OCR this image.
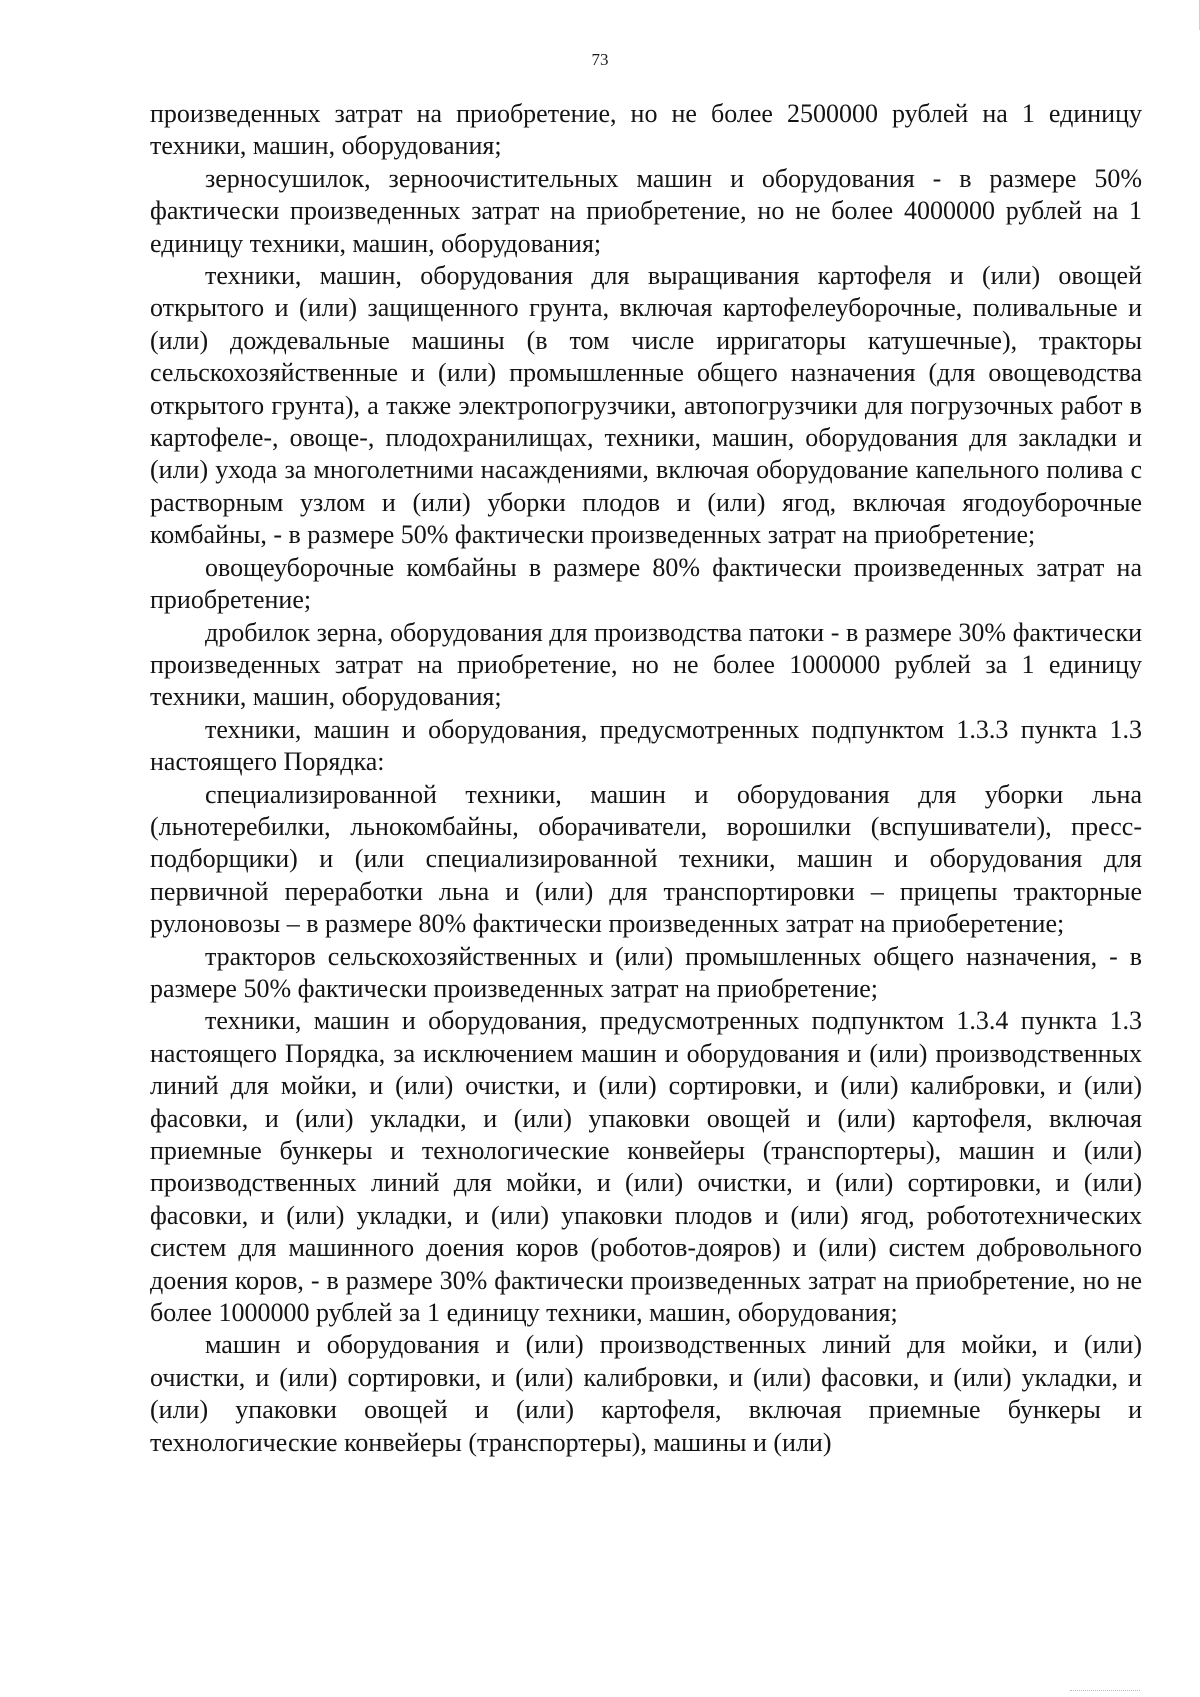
73

произведенных затрат на приобретение, но не более 2500000 рублей на 1 единицу техники, машин, оборудования;

зерносушилок, зерноочистительных машин и оборудования - в размере 50% фактически произведенных затрат на приобретение, но не более 4000000 рублей на 1 единицу техники, машин, оборудования;

техники, машин, оборудования для выращивания картофеля и (или) овощей открытого и (или) защищенного грунта, включая картофелеуборочные, поливальные и (или) дождевальные машины (в том числе ирригаторы катушечные), тракторы сельскохозяйственные и (или) промышленные общего назначения (для овощеводства открытого грунта), а также электропогрузчики, автопогрузчики для погрузочных работ в картофеле-, овоще-, плодохранилищах, техники, машин, оборудования для закладки и (или) ухода за многолетними насаждениями, включая оборудование капельного полива с растворным узлом и (или) уборки плодов и (или) ягод, включая ягодоуборочные комбайны, - в размере 50% фактически произведенных затрат на приобретение;

овощеуборочные комбайны в размере 80% фактически произведенных затрат на приобретение;

дробилок зерна, оборудования для производства патоки - в размере 30% фактически произведенных затрат на приобретение, но не более 1000000 рублей за 1 единицу техники, машин, оборудования;

техники, машин и оборудования, предусмотренных подпунктом 1.3.3 пункта 1.3 настоящего Порядка:

специализированной техники, машин и оборудования для уборки льна (льнотеребилки, льнокомбайны, оборачиватели, ворошилки (вспушиватели), пресс-подборщики) и (или специализированной техники, машин и оборудования для первичной переработки льна и (или) для транспортировки – прицепы тракторные рулоновозы – в размере 80% фактически произведенных затрат на приоберетение;

тракторов сельскохозяйственных и (или) промышленных общего назначения, - в размере 50% фактически произведенных затрат на приобретение;

техники, машин и оборудования, предусмотренных подпунктом 1.3.4 пункта 1.3 настоящего Порядка, за исключением машин и оборудования и (или) производственных линий для мойки, и (или) очистки, и (или) сортировки, и (или) калибровки, и (или) фасовки, и (или) укладки, и (или) упаковки овощей и (или) картофеля, включая приемные бункеры и технологические конвейеры (транспортеры), машин и (или) производственных линий для мойки, и (или) очистки, и (или) сортировки, и (или) фасовки, и (или) укладки, и (или) упаковки плодов и (или) ягод, робототехнических систем для машинного доения коров (роботов-дояров) и (или) систем добровольного доения коров, - в размере 30% фактически произведенных затрат на приобретение, но не более 1000000 рублей за 1 единицу техники, машин, оборудования;

машин и оборудования и (или) производственных линий для мойки, и (или) очистки, и (или) сортировки, и (или) калибровки, и (или) фасовки, и (или) укладки, и (или) упаковки овощей и (или) картофеля, включая приемные бункеры и технологические конвейеры (транспортеры), машины и (или)
